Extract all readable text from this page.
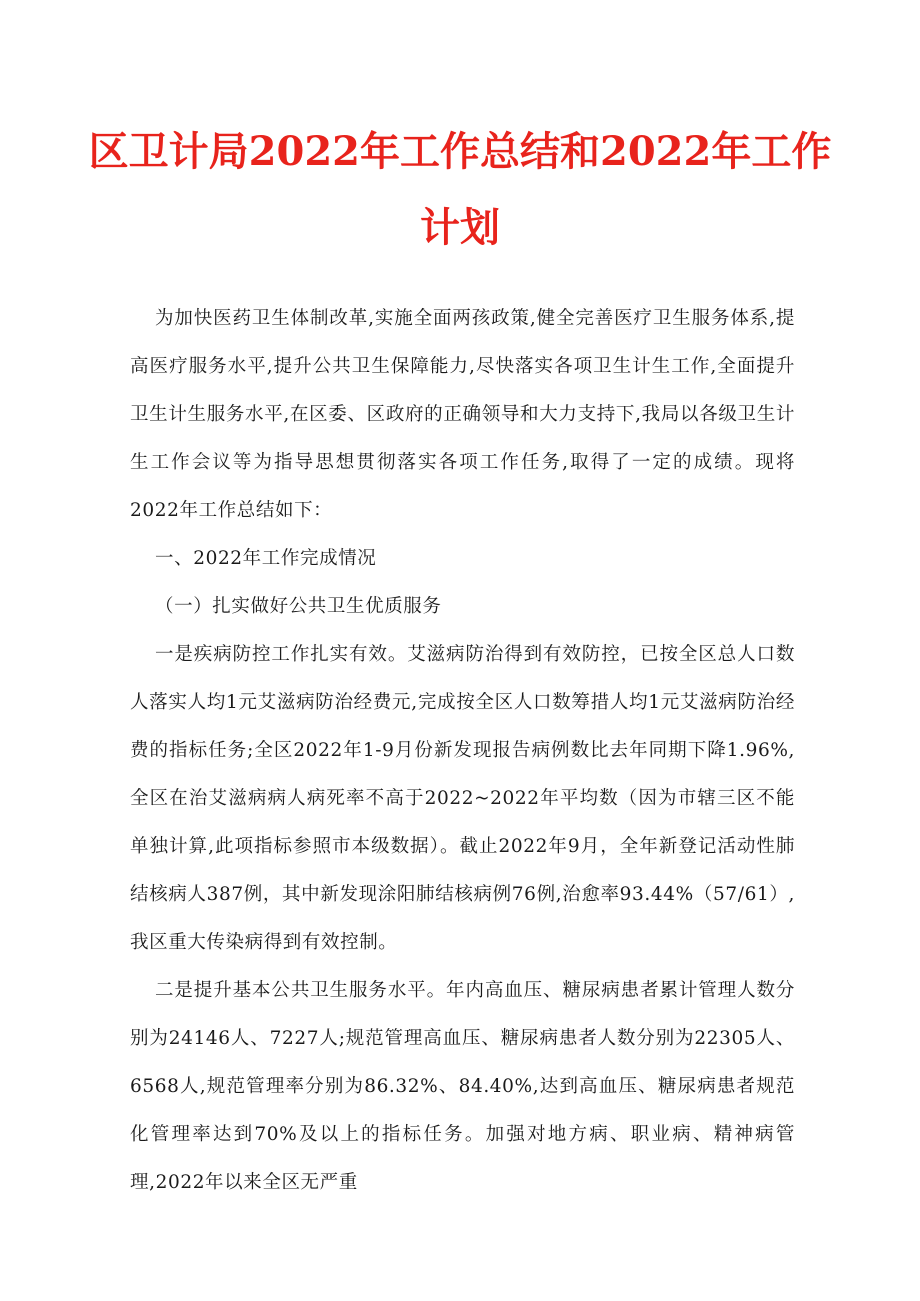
区卫计局2022年工作总结和2022年工作
计划

为加快医药卫生体制改革,实施全面两孩政策,健全完善医疗卫生服务体系,提高医疗服务水平,提升公共卫生保障能力,尽快落实各项卫生计生工作,全面提升卫生计生服务水平,在区委、区政府的正确领导和大力支持下,我局以各级卫生计生工作会议等为指导思想贯彻落实各项工作任务,取得了一定的成绩。现将2022年工作总结如下：

一、2022年工作完成情况

（一）扎实做好公共卫生优质服务

一是疾病防控工作扎实有效。艾滋病防治得到有效防控，已按全区总人口数人落实人均1元艾滋病防治经费元,完成按全区人口数筹措人均1元艾滋病防治经费的指标任务;全区2022年1-9月份新发现报告病例数比去年同期下降1.96%,全区在治艾滋病病人病死率不高于2022~2022年平均数（因为市辖三区不能单独计算,此项指标参照市本级数据）。截止2022年9月，全年新登记活动性肺结核病人387例，其中新发现涂阳肺结核病例76例,治愈率93.44%（57/61）,我区重大传染病得到有效控制。

二是提升基本公共卫生服务水平。年内高血压、糖尿病患者累计管理人数分别为24146人、7227人;规范管理高血压、糖尿病患者人数分别为22305人、6568人,规范管理率分别为86.32%、84.40%,达到高血压、糖尿病患者规范化管理率达到70%及以上的指标任务。加强对地方病、职业病、精神病管理,2022年以来全区无严重
